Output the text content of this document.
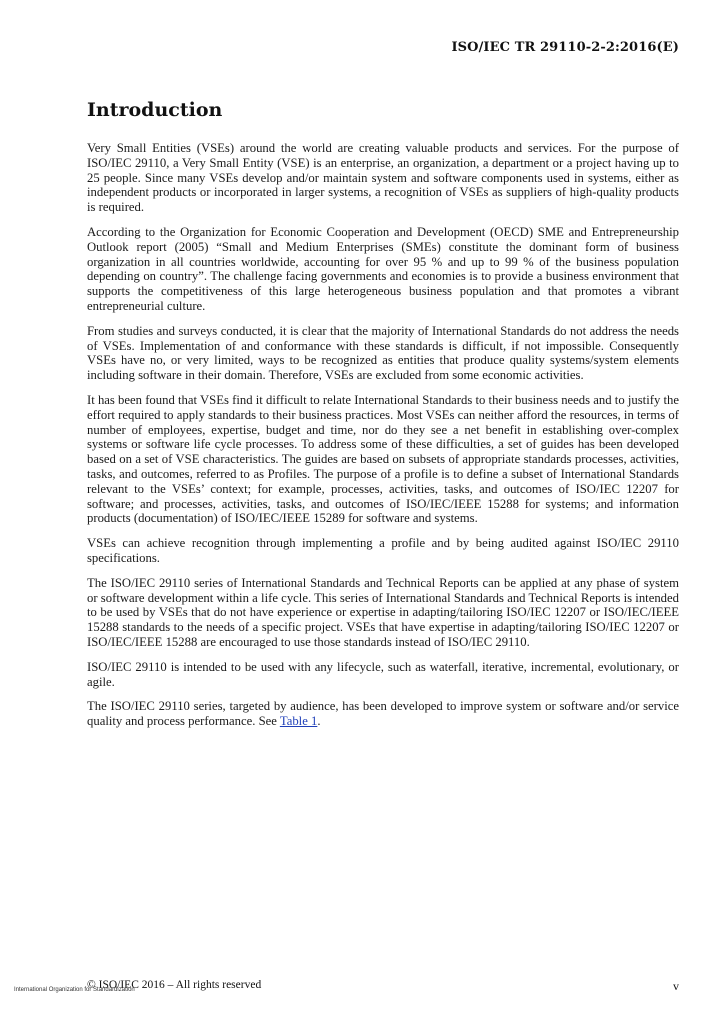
ISO/IEC TR 29110-2-2:2016(E)
Introduction

Very Small Entities (VSEs) around the world are creating valuable products and services. For the purpose of ISO/IEC 29110, a Very Small Entity (VSE) is an enterprise, an organization, a department or a project having up to 25 people. Since many VSEs develop and/or maintain system and software components used in systems, either as independent products or incorporated in larger systems, a recognition of VSEs as suppliers of high-quality products is required.

According to the Organization for Economic Cooperation and Development (OECD) SME and Entrepreneurship Outlook report (2005) “Small and Medium Enterprises (SMEs) constitute the dominant form of business organization in all countries worldwide, accounting for over 95 % and up to 99 % of the business population depending on country”. The challenge facing governments and economies is to provide a business environment that supports the competitiveness of this large heterogeneous business population and that promotes a vibrant entrepreneurial culture.

From studies and surveys conducted, it is clear that the majority of International Standards do not address the needs of VSEs. Implementation of and conformance with these standards is difficult, if not impossible. Consequently VSEs have no, or very limited, ways to be recognized as entities that produce quality systems/system elements including software in their domain. Therefore, VSEs are excluded from some economic activities.

It has been found that VSEs find it difficult to relate International Standards to their business needs and to justify the effort required to apply standards to their business practices. Most VSEs can neither afford the resources, in terms of number of employees, expertise, budget and time, nor do they see a net benefit in establishing over-complex systems or software life cycle processes. To address some of these difficulties, a set of guides has been developed based on a set of VSE characteristics. The guides are based on subsets of appropriate standards processes, activities, tasks, and outcomes, referred to as Profiles. The purpose of a profile is to define a subset of International Standards relevant to the VSEs’ context; for example, processes, activities, tasks, and outcomes of ISO/IEC 12207 for software; and processes, activities, tasks, and outcomes of ISO/IEC/IEEE 15288 for systems; and information products (documentation) of ISO/IEC/IEEE 15289 for software and systems.

VSEs can achieve recognition through implementing a profile and by being audited against ISO/IEC 29110 specifications.

The ISO/IEC 29110 series of International Standards and Technical Reports can be applied at any phase of system or software development within a life cycle. This series of International Standards and Technical Reports is intended to be used by VSEs that do not have experience or expertise in adapting/tailoring ISO/IEC 12207 or ISO/IEC/IEEE 15288 standards to the needs of a specific project. VSEs that have expertise in adapting/tailoring ISO/IEC 12207 or ISO/IEC/IEEE 15288 are encouraged to use those standards instead of ISO/IEC 29110.

ISO/IEC 29110 is intended to be used with any lifecycle, such as waterfall, iterative, incremental, evolutionary, or agile.

The ISO/IEC 29110 series, targeted by audience, has been developed to improve system or software and/or service quality and process performance. See Table 1.

© ISO/IEC 2016 – All rights reserved	v
International Organization for Standardization
